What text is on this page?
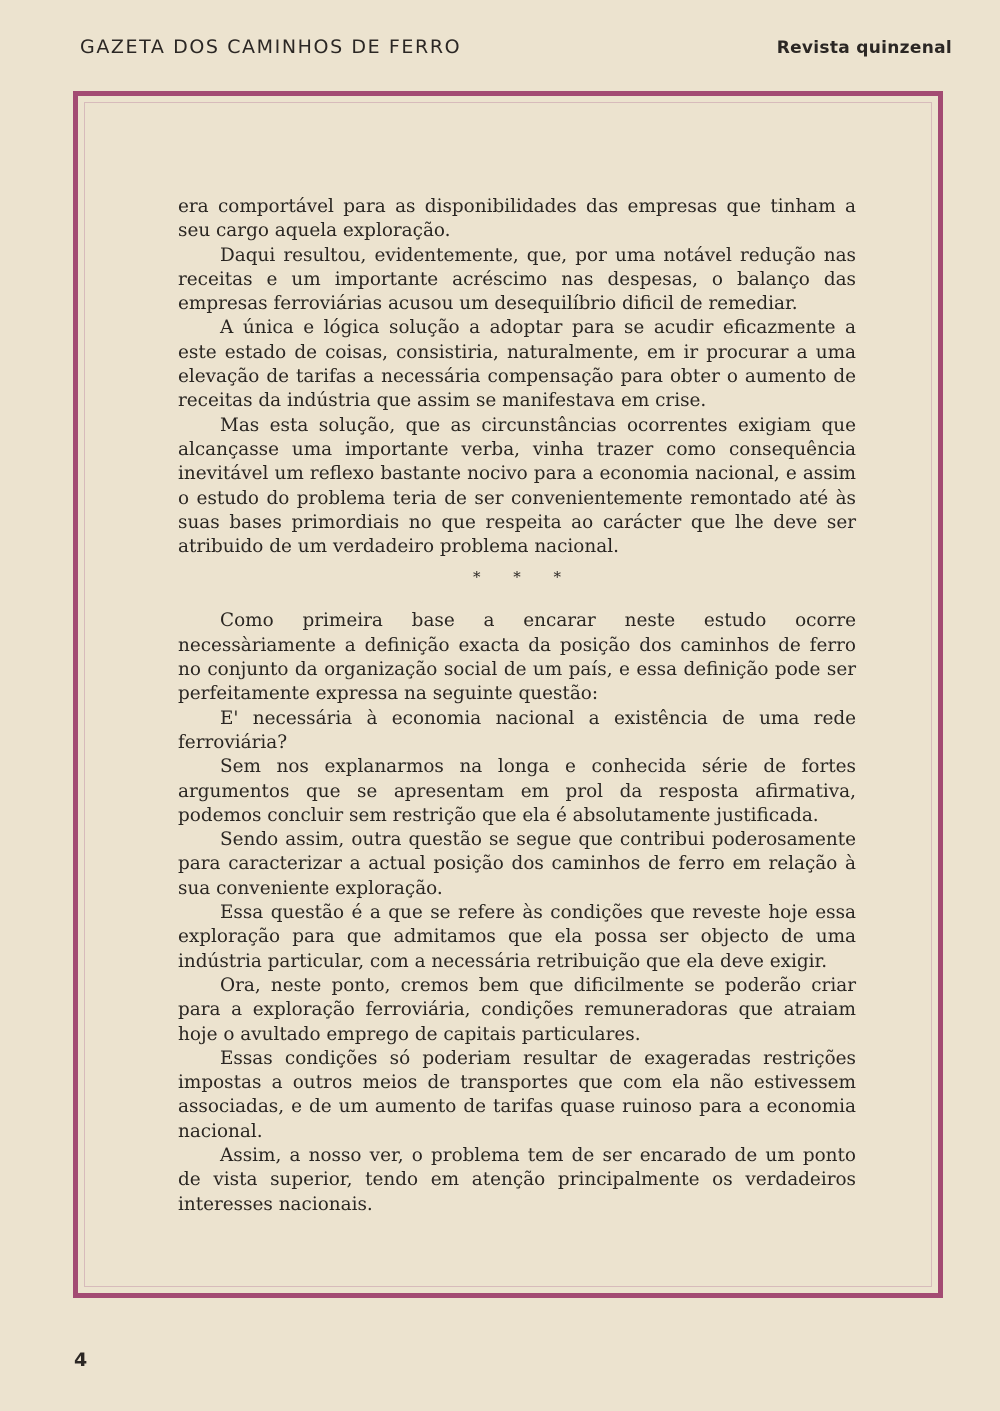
GAZETA DOS CAMINHOS DE FERRO	Revista quinzenal

era comportável para as disponibilidades das empresas que tinham a seu cargo aquela exploração.

Daqui resultou, evidentemente, que, por uma notável redução nas receitas e um importante acréscimo nas despesas, o balanço das empresas ferroviárias acusou um desequilíbrio dificil de remediar.

A única e lógica solução a adoptar para se acudir eficazmente a este estado de coisas, consistiria, naturalmente, em ir procurar a uma elevação de tarifas a necessária compensação para obter o aumento de receitas da indústria que assim se manifestava em crise.

Mas esta solução, que as circunstâncias ocorrentes exigiam que alcançasse uma importante verba, vinha trazer como consequência inevitável um reflexo bastante nocivo para a economia nacional, e assim o estudo do problema teria de ser convenientemente remontado até às suas bases primordiais no que respeita ao carácter que lhe deve ser atribuido de um verdadeiro problema nacional.

* * *

Como primeira base a encarar neste estudo ocorre necessàriamente a definição exacta da posição dos caminhos de ferro no conjunto da organização social de um país, e essa definição pode ser perfeitamente expressa na seguinte questão:

E' necessária à economia nacional a existência de uma rede ferroviária?

Sem nos explanarmos na longa e conhecida série de fortes argumentos que se apresentam em prol da resposta afirmativa, podemos concluir sem restrição que ela é absolutamente justificada.

Sendo assim, outra questão se segue que contribui poderosamente para caracterizar a actual posição dos caminhos de ferro em relação à sua conveniente exploração.

Essa questão é a que se refere às condições que reveste hoje essa exploração para que admitamos que ela possa ser objecto de uma indústria particular, com a necessária retribuição que ela deve exigir.

Ora, neste ponto, cremos bem que dificilmente se poderão criar para a exploração ferroviária, condições remuneradoras que atraiam hoje o avultado emprego de capitais particulares.

Essas condições só poderiam resultar de exageradas restrições impostas a outros meios de transportes que com ela não estivessem associadas, e de um aumento de tarifas quase ruinoso para a economia nacional.

Assim, a nosso ver, o problema tem de ser encarado de um ponto de vista superior, tendo em atenção principalmente os verdadeiros interesses nacionais.

4
